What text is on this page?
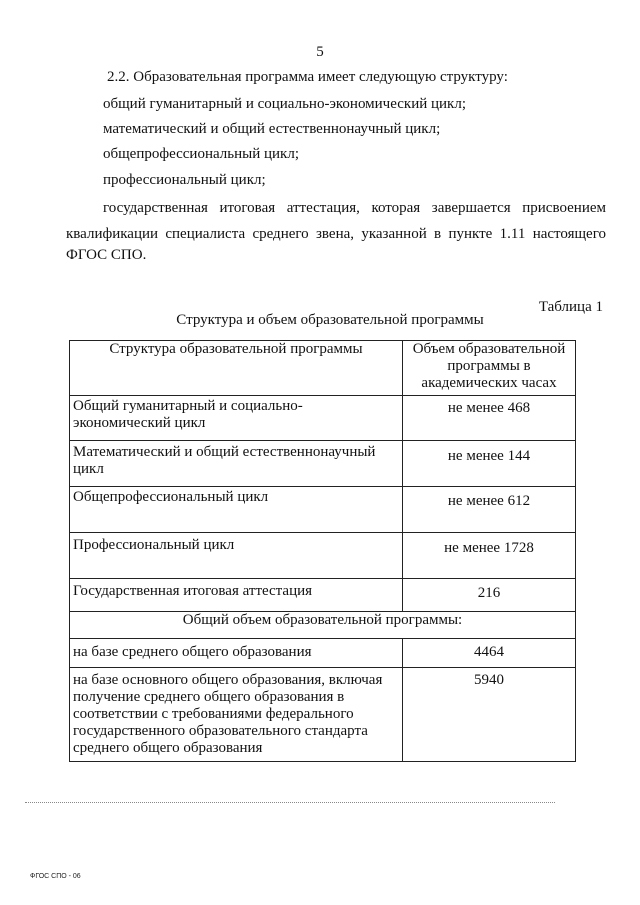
5
2.2. Образовательная программа имеет следующую структуру:
общий гуманитарный и социально-экономический цикл;
математический и общий естественнонаучный цикл;
общепрофессиональный цикл;
профессиональный цикл;
государственная итоговая аттестация, которая завершается присвоением
квалификации специалиста среднего звена, указанной в пункте 1.11 настоящего
ФГОС СПО.
Таблица 1
Структура и объем образовательной программы
Структура образовательной программы	Объем образовательной программы в академических часах
Общий гуманитарный и социально-экономический цикл	не менее 468
Математический и общий естественнонаучный цикл	не менее 144
Общепрофессиональный цикл	не менее 612
Профессиональный цикл	не менее 1728
Государственная итоговая аттестация	216
Общий объем образовательной программы:	
на базе среднего общего образования	4464
на базе основного общего образования, включая получение среднего общего образования в соответствии с требованиями федерального государственного образовательного стандарта среднего общего образования	5940
ФГОС СПО - 06
